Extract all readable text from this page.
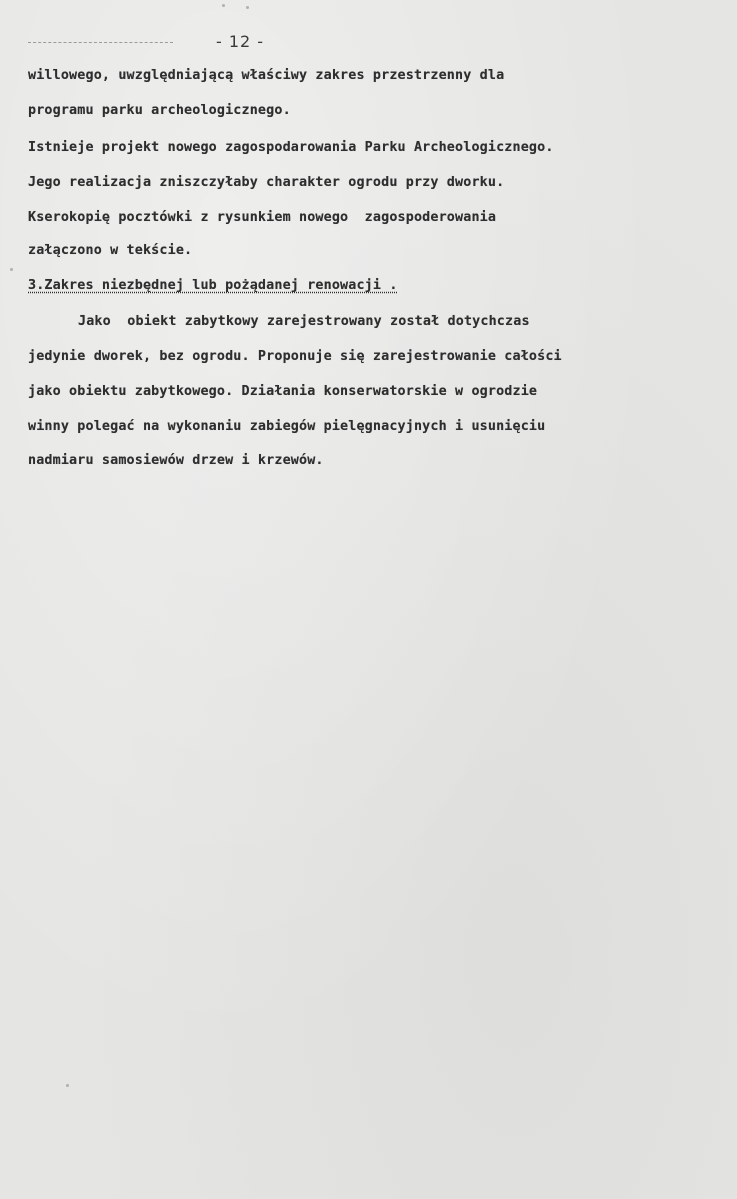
- 12 -
willowego, uwzględniającą właściwy zakres przestrzenny dla
programu parku archeologicznego.
Istnieje projekt nowego zagospodarowania Parku Archeologicznego.
Jego realizacja zniszczyłaby charakter ogrodu przy dworku.
Kserokopię pocztówki z rysunkiem nowego  zagospoderowania
załączono w tekście.
3.Zakres niezbędnej lub pożądanej renowacji .
Jako  obiekt zabytkowy zarejestrowany został dotychczas
jedynie dworek, bez ogrodu. Proponuje się zarejestrowanie całości
jako obiektu zabytkowego. Działania konserwatorskie w ogrodzie
winny polegać na wykonaniu zabiegów pielęgnacyjnych i usunięciu
nadmiaru samosiewów drzew i krzewów.
